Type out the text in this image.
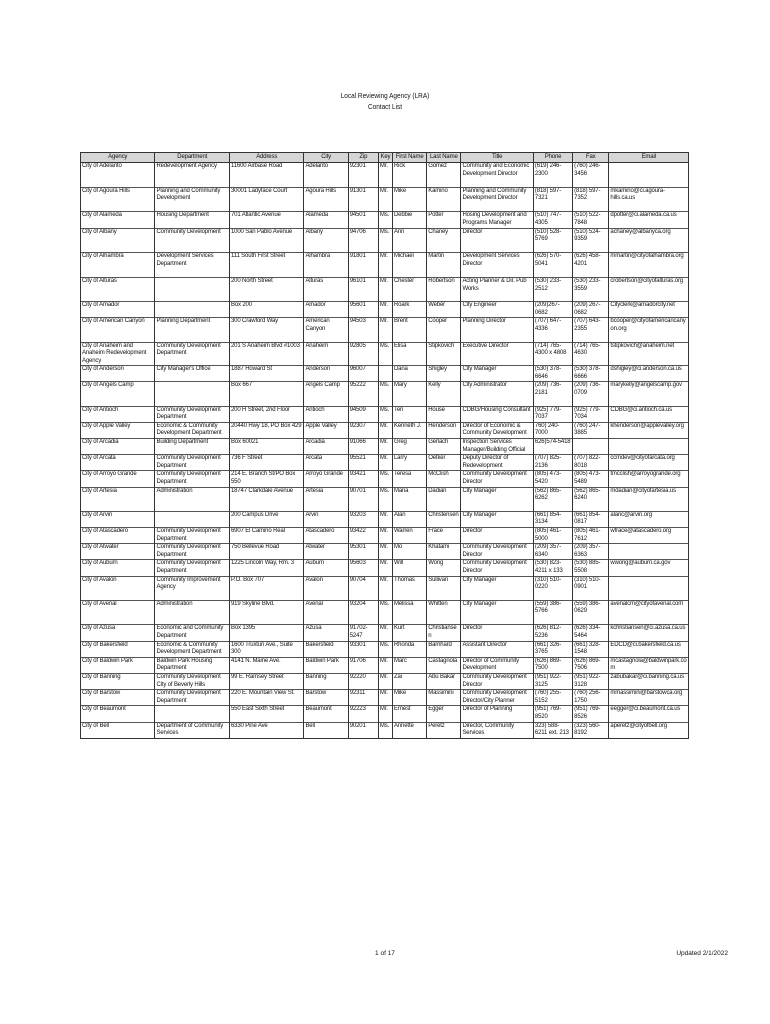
Local Reviewing Agency (LRA)
Contact List
Agency	Department	Address	City	Zip	Key	First Name	Last Name	Title	Phone	Fax	Email
City of Adelanto	Redevelopment Agency	11600 Airbase Road	Adelanto	92301	Mr.	Rick	Gomez	Community and Economic Development Director	(619) 246-2300	(760) 246-3456	

City of Agoura Hills	Planning and Community Development	30001 Ladyface Court	Agoura Hills	91301	Mr.	Mike	Kamino	Planning and Community Development Director	(818) 597-7321	(818) 597-7352	mkamino@ci.agoura-hills.ca.us

City of Alameda	Housing Department	701 Atlantic Avenue	Alameda	94501	Ms.	Debbie	Potter	Hosing Development and Programs Manager	(510) 747-4305	(510) 522-7848	dpotter@ci.alameda.ca.us
City of Albany	Community Development	1000 San Pablo Avenue	Albany	94706	Ms.	Ann	Chaney	Director	(510) 528-5769	(510) 524-9359	achaney@albanyca.org

City of Alhambra	Development Services Department	111 South First Street	Alhambra	91801	Mr.	Michael	Martin	Development Services Director	(626) 570-5041	(626) 458-4201	mmartin@cityofalhambra.org

City of Alturas		200 North Street	Alturas	96101	Mr.	Chester	Robertson	Acting Planner & Dir. Pub Works	(530) 233-2512	(530) 233-3559	crobertson@cityofalturas.org

City of Amador		Box 200	Amador	95601	Mr.	Roark	Weber	City Engineer	(209)267-0682	(209) 267-0682	Cityclerk@amadorcity.net
City of American Canyon	Planning Department	300 Crawford Way	American Canyon	94503	Mr.	Brent	Cooper	Planning Director	(707) 647-4336	(707) 643-2355	bcooper@cityofamericancanyon.org

City of Anaheim and Anaheim Redevelopment Agency	Community Development Department	201 S Anaheim Blvd #1003	Anaheim	92805	Ms.	Elisa	Stipkovich	Executive Director	(714) 765-4300 x 4808	(714) 765-4630	tstipkovich@anaheim.net
City of Anderson	City Manager's Office	1887 Howard St	Anderson	96007		Dana	Shigley	City Manager	(530) 378-6646	(530) 378-6666	dshigley@ci.anderson.ca.us
City of Angels Camp		Box 667	Angels Camp	95222	Ms.	Mary	Kelly	City Administrator	(209) 736-2181	(209) 736-0709	marykelly@angelscamp.gov

City of Antioch	Community Development Department	200 H Street, 2nd Floor	Antioch	94509	Ms.	Teri	House	CDBG/Housing Consultant	(925) 779-7037	(925) 779-7034	CDBG@ci.antioch.ca.us
City of Apple Valley	Economic & Community Development Department	20440 Hwy 18, PO Box 429	Apple Valley	92307	Mr.	Kenneth J.	Henderson	Director of Economic & Community Development	760) 240-7000	(760) 247-3885	khenderson@applevalley.org
City of Arcadia	Building Department	Box 60021	Arcadia	91066	Mr.	Greg	Gerlach	Inspection Services Manager/Building Official	626)574-5418		
City of Arcata	Community Development Department	736 F Street	Arcata	95521	Mr.	Larry	Oetker	Deputy Director of Redevelopment	(707) 825-2136	(707) 822-8018	ccmdev@cityofarcata.org
City of Arroyo Grande	Community Development Department	214 E. Branch St/PO Box 550	Arroyo Grande	93421	Ms.	Teresa	McClish	Community Development Director	(805) 473-5420	(805) 473-5489	tmcclish@arroyogrande.org
City of Artesia	Administration	18747 Clarkdale Avenue	Artesia	90701	Ms.	Maria	Dadian	City Manager	(562) 865-6262	(562) 865-6240	mdadian@cityofartesia.us

City of Arvin		200 Campus Drive	Arvin	93203	Mr.	Alan	Christensen	City Manager	(661) 854-3134	(661) 854-0817	alanc@arvin.org
City of Atascadero	Community Development Department	6907 El Camino Real	Atascadero	93422	Mr.	Warren	Frace	Director	(805) 461-5000	(805) 461-7612	wfrace@atascadero.org
City of Atwater	Community Development Department	750 Bellevue Road	Atwater	95301	Mr.	Mo	Khatami	Community Development Director	(209) 357-6340	(209) 357-6363	
City of Auburn	Community Development Department	1225 Lincoln Way, Rm. 3	Auburn	95603	Mr.	Will	Wong	Community Development Director	(530) 823-4211 x 133	(530) 885-5508	wwong@auburn.ca.gov
City of Avalon	Community Improvement Agency	P.O. Box 707	Avalon	90704	Mr.	Thomas	Sullivan	City Manager	(310) 510-0220	(310) 510-0901	

City of Avenal	Administration	919 Skyline Blvd.	Avenal	93204	Ms.	Melissa	Whitten	City Manager	(559) 386-5766	(559) 386-0629	avenalcm@cityofavenal.com

City of Azusa	Economic and Community Department	Box 1395	Azusa	91702-5247	Mr.	Kurt	Christiansen	Director	(626) 812-5236	(626) 334-5464	kchristiansen@ci.azusa.ca.us
City of Bakersfield	Economic & Community Development Department	1600 Truxtun Ave., Suite 300	Bakersfield	93301	Ms.	Rhonda	Barnhard	Assistant Director	(661) 326-3765	(661) 328-1548	EDCD@ci.bakersfield.ca.us
City of Baldwin Park	Baldwin Park Housing Department	4141 N. Maine Ave.	Baldwin Park	91706	Mr.	Marc	Castagnola	Director of Community Development	(626) 869-7500	(626) 869-7506	mcastagnola@baldwinpark.com
City of Banning	Community Development City of Beverly Hills	99 E. Ramsey Street	Banning	92220	Mr.	Zai	Abu Bakar	Community Development Director	(951) 922-3125	(951) 922-3128	zabubakar@ci.banning.ca.us
City of Barstow	Community Development Department	220 E. Mountain View St.	Barstow	92311	Mr.	Mike	Massimini	Community Development Director/City Planner	(760) 255-5152	(760) 256-1750	mmassimini@barstowca.org
City of Beaumont		550 East Sixth Street	Beaumont	92223	Mr.	Ernest	Egger	Director of Planning	(951) 769-8520	(951) 769-8526	eegger@ci.beaumont.ca.us
City of Bell	Department of Community Services	6330 Pine Ave	Bell	90201	Ms.	Annette	Peretz	Director, Community Services	323) 588-6211 ext. 213	(323) 560-8192	aperetz@cityofbell.org
1 of 17	Updated 2/1/2022
